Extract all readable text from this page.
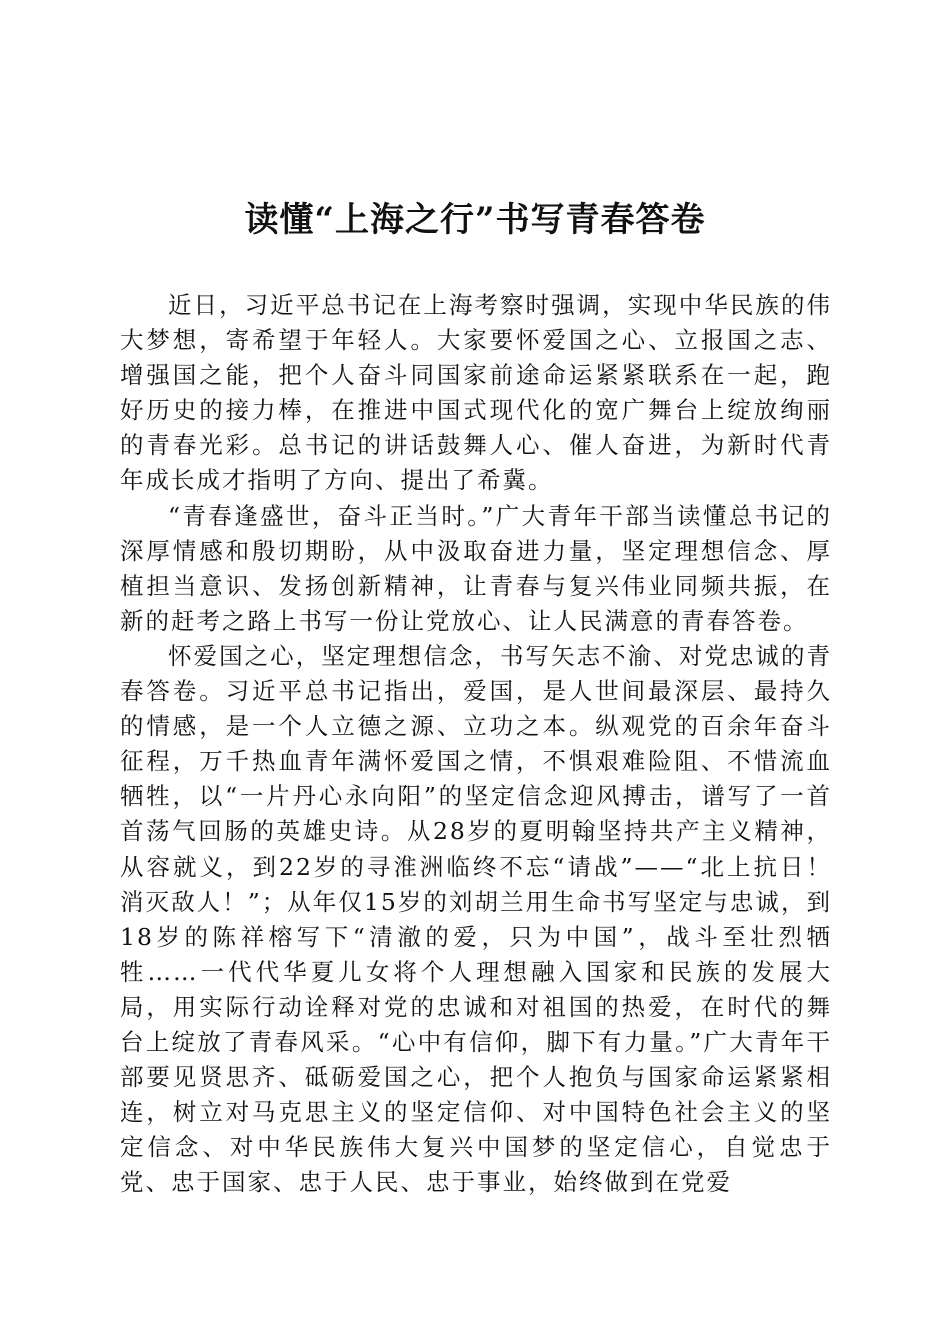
读懂“上海之行”书写青春答卷

近日，习近平总书记在上海考察时强调，实现中华民族的伟大梦想，寄希望于年轻人。大家要怀爱国之心、立报国之志、增强国之能，把个人奋斗同国家前途命运紧紧联系在一起，跑好历史的接力棒，在推进中国式现代化的宽广舞台上绽放绚丽的青春光彩。总书记的讲话鼓舞人心、催人奋进，为新时代青年成长成才指明了方向、提出了希冀。

“青春逢盛世，奋斗正当时。”广大青年干部当读懂总书记的深厚情感和殷切期盼，从中汲取奋进力量，坚定理想信念、厚植担当意识、发扬创新精神，让青春与复兴伟业同频共振，在新的赶考之路上书写一份让党放心、让人民满意的青春答卷。

怀爱国之心，坚定理想信念，书写矢志不渝、对党忠诚的青春答卷。习近平总书记指出，爱国，是人世间最深层、最持久的情感，是一个人立德之源、立功之本。纵观党的百余年奋斗征程，万千热血青年满怀爱国之情，不惧艰难险阻、不惜流血牺牲，以“一片丹心永向阳”的坚定信念迎风搏击，谱写了一首首荡气回肠的英雄史诗。从28岁的夏明翰坚持共产主义精神，从容就义，到22岁的寻淮洲临终不忘“请战”——“北上抗日！消灭敌人！”；从年仅15岁的刘胡兰用生命书写坚定与忠诚，到18岁的陈祥榕写下“清澈的爱，只为中国”，战斗至壮烈牺牲……一代代华夏儿女将个人理想融入国家和民族的发展大局，用实际行动诠释对党的忠诚和对祖国的热爱，在时代的舞台上绽放了青春风采。“心中有信仰，脚下有力量。”广大青年干部要见贤思齐、砥砺爱国之心，把个人抱负与国家命运紧紧相连，树立对马克思主义的坚定信仰、对中国特色社会主义的坚定信念、对中华民族伟大复兴中国梦的坚定信心，自觉忠于党、忠于国家、忠于人民、忠于事业，始终做到在党爱
